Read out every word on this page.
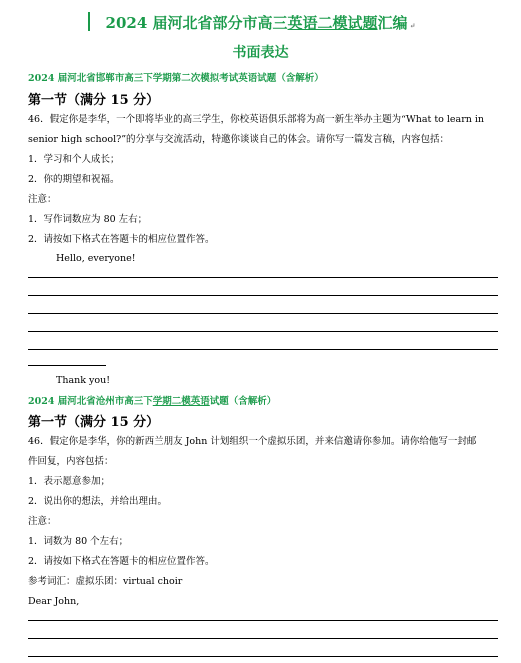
2024 届河北省部分市高三英语二模试题汇编 ↵
书面表达
2024 届河北省邯郸市高三下学期第二次模拟考试英语试题（含解析）
第一节（满分 15 分）
46．假定你是李华，一个即将毕业的高三学生，你校英语俱乐部将为高一新生举办主题为“What to learn in
senior high school?”的分享与交流活动，特邀你谈谈自己的体会。请你写一篇发言稿，内容包括：
1．学习和个人成长；
2．你的期望和祝福。
注意：
1．写作词数应为 80 左右；
2．请按如下格式在答题卡的相应位置作答。
Hello, everyone!
Thank you!
2024 届河北省沧州市高三下学期二模英语试题（含解析）
第一节（满分 15 分）
46．假定你是李华，你的新西兰朋友 John 计划组织一个虚拟乐团，并来信邀请你参加。请你给他写一封邮
件回复，内容包括：
1．表示愿意参加；
2．说出你的想法，并给出理由。
注意：
1．词数为 80 个左右；
2．请按如下格式在答题卡的相应位置作答。
参考词汇：虚拟乐团：virtual choir
Dear John,
